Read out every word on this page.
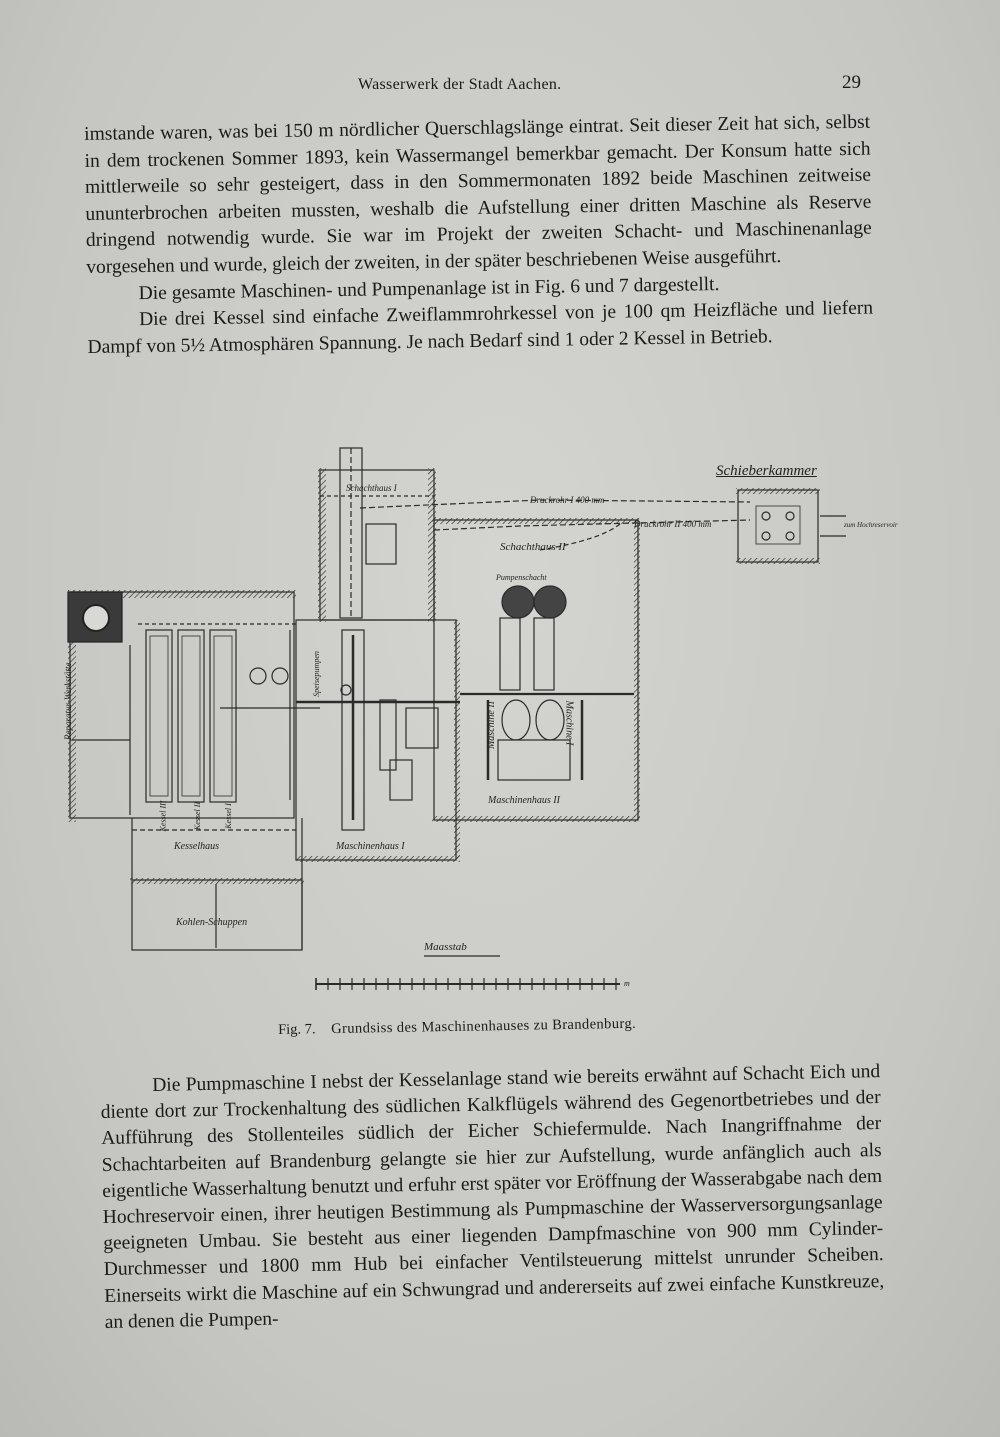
Wasserwerk der Stadt Aachen.	29

imstande waren, was bei 150 m nördlicher Querschlagslänge eintrat. Seit dieser Zeit hat sich, selbst in dem trockenen Sommer 1893, kein Wassermangel bemerkbar gemacht. Der Konsum hatte sich mittlerweile so sehr gesteigert, dass in den Sommermonaten 1892 beide Maschinen zeitweise ununterbrochen arbeiten mussten, weshalb die Aufstellung einer dritten Maschine als Reserve dringend notwendig wurde. Sie war im Projekt der zweiten Schacht- und Maschinenanlage vorgesehen und wurde, gleich der zweiten, in der später beschriebenen Weise ausgeführt.

Die gesamte Maschinen- und Pumpenanlage ist in Fig. 6 und 7 dargestellt.

Die drei Kessel sind einfache Zweiflammrohrkessel von je 100 qm Heizfläche und liefern Dampf von 5½ Atmosphären Spannung. Je nach Bedarf sind 1 oder 2 Kessel in Betrieb.

Schieberkammer
Schachthaus I
Druckrohr I 400 mm
Druckrohr II 400 mm
Schachthaus II
Pumpenschacht
zum Hochreservoir
Speisepumpen
Maschine II	Maschine I
Maschinenhaus II
Maschinenhaus I
Kesselhaus
Kessel III	Kessel II	Kessel I
Reparatur-Werkstätte
Kohlen-Schuppen
Maasstab
m
Fig. 7. Grundsiss des Maschinenhauses zu Brandenburg.

Die Pumpmaschine I nebst der Kesselanlage stand wie bereits erwähnt auf Schacht Eich und diente dort zur Trockenhaltung des südlichen Kalkflügels während des Gegenortbetriebes und der Aufführung des Stollenteiles südlich der Eicher Schiefermulde. Nach Inangriffnahme der Schachtarbeiten auf Brandenburg gelangte sie hier zur Aufstellung, wurde anfänglich auch als eigentliche Wasserhaltung benutzt und erfuhr erst später vor Eröffnung der Wasserabgabe nach dem Hochreservoir einen, ihrer heutigen Bestimmung als Pumpmaschine der Wasserversorgungsanlage geeigneten Umbau. Sie besteht aus einer liegenden Dampfmaschine von 900 mm Cylinder-Durchmesser und 1800 mm Hub bei einfacher Ventilsteuerung mittelst unrunder Scheiben. Einerseits wirkt die Maschine auf ein Schwungrad und andererseits auf zwei einfache Kunstkreuze, an denen die Pumpen-
